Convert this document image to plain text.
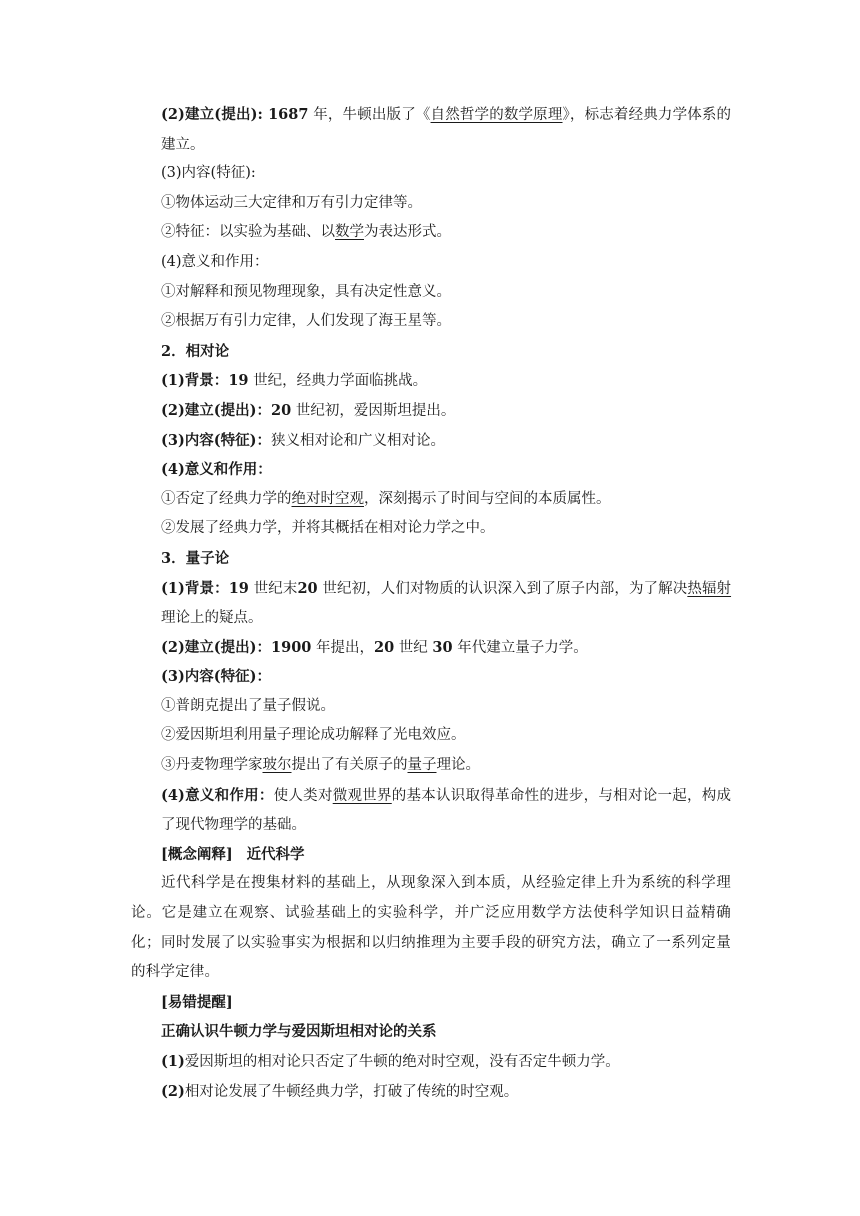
(2)建立(提出): 1687 年，牛顿出版了《自然哲学的数学原理》，标志着经典力学体系的建立。
(3)内容(特征):
①物体运动三大定律和万有引力定律等。
②特征：以实验为基础、以数学为表达形式。
(4)意义和作用：
①对解释和预见物理现象，具有决定性意义。
②根据万有引力定律，人们发现了海王星等。
2．相对论
(1)背景：19 世纪，经典力学面临挑战。
(2)建立(提出)：20 世纪初，爱因斯坦提出。
(3)内容(特征)：狭义相对论和广义相对论。
(4)意义和作用：
①否定了经典力学的绝对时空观，深刻揭示了时间与空间的本质属性。
②发展了经典力学，并将其概括在相对论力学之中。
3．量子论
(1)背景：19 世纪末20 世纪初，人们对物质的认识深入到了原子内部，为了解决热辐射理论上的疑点。
(2)建立(提出)：1900 年提出，20 世纪 30 年代建立量子力学。
(3)内容(特征)：
①普朗克提出了量子假说。
②爱因斯坦利用量子理论成功解释了光电效应。
③丹麦物理学家玻尔提出了有关原子的量子理论。
(4)意义和作用：使人类对微观世界的基本认识取得革命性的进步，与相对论一起，构成了现代物理学的基础。
[概念阐释] 近代科学
近代科学是在搜集材料的基础上，从现象深入到本质，从经验定律上升为系统的科学理论。它是建立在观察、试验基础上的实验科学，并广泛应用数学方法使科学知识日益精确化；同时发展了以实验事实为根据和以归纳推理为主要手段的研究方法，确立了一系列定量的科学定律。
[易错提醒]
正确认识牛顿力学与爱因斯坦相对论的关系
(1)爱因斯坦的相对论只否定了牛顿的绝对时空观，没有否定牛顿力学。
(2)相对论发展了牛顿经典力学，打破了传统的时空观。
